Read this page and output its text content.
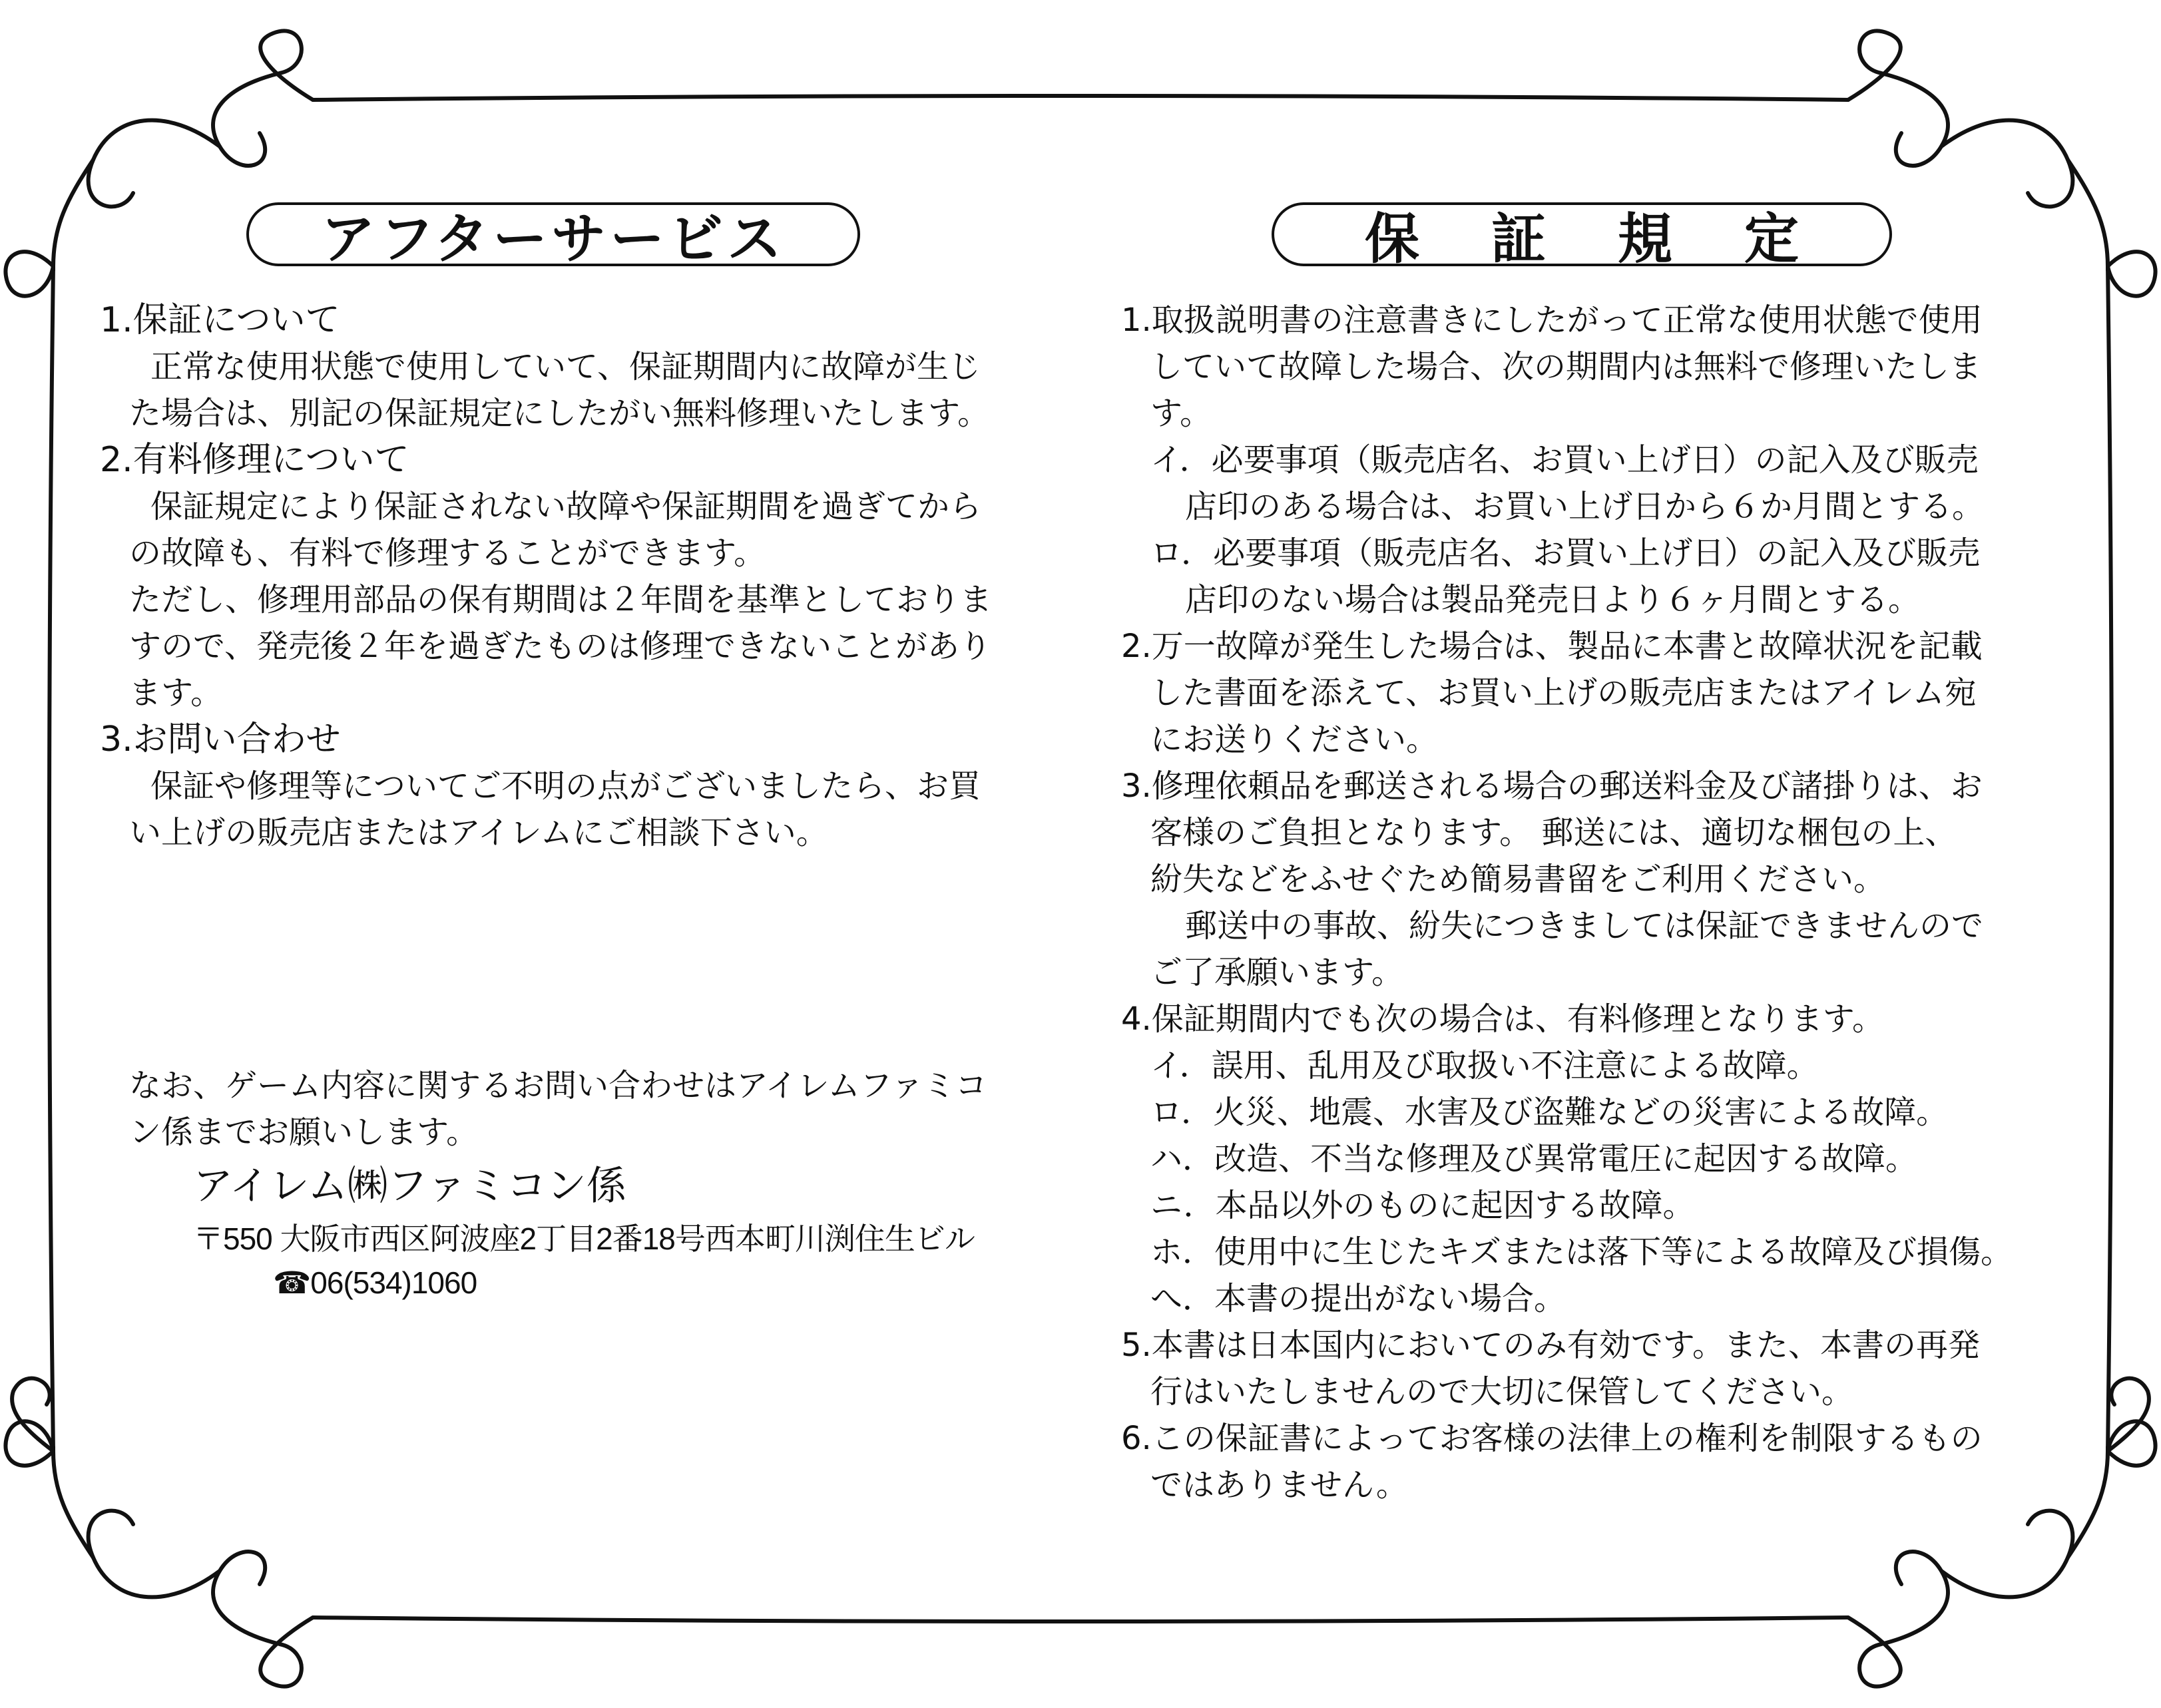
アフターサービス	保証規定
1.保証について
正常な使用状態で使用していて、保証期間内に故障が生じ
た場合は、別記の保証規定にしたがい無料修理いたします。
2.有料修理について
保証規定により保証されない故障や保証期間を過ぎてから
の故障も、有料で修理することができます。
ただし、修理用部品の保有期間は２年間を基準としておりま
すので、発売後２年を過ぎたものは修理できないことがあり
ます。
3.お問い合わせ
保証や修理等についてご不明の点がございましたら、お買
い上げの販売店またはアイレムにご相談下さい。
なお、ゲーム内容に関するお問い合わせはアイレムファミコ
ン係までお願いします。
アイレム㈱ファミコン係
〒550 大阪市西区阿波座2丁目2番18号西本町川渕住生ビル
☎06(534)1060
1.取扱説明書の注意書きにしたがって正常な使用状態で使用
していて故障した場合、次の期間内は無料で修理いたしま
す。
イ．必要事項（販売店名、お買い上げ日）の記入及び販売
店印のある場合は、お買い上げ日から６か月間とする。
ロ．必要事項（販売店名、お買い上げ日）の記入及び販売
店印のない場合は製品発売日より６ヶ月間とする。
2.万一故障が発生した場合は、製品に本書と故障状況を記載
した書面を添えて、お買い上げの販売店またはアイレム宛
にお送りください。
3.修理依頼品を郵送される場合の郵送料金及び諸掛りは、お
客様のご負担となります。 郵送には、適切な梱包の上、
紛失などをふせぐため簡易書留をご利用ください。
郵送中の事故、紛失につきましては保証できませんので
ご了承願います。
4.保証期間内でも次の場合は、有料修理となります。
イ．誤用、乱用及び取扱い不注意による故障。
ロ．火災、地震、水害及び盗難などの災害による故障。
ハ．改造、不当な修理及び異常電圧に起因する故障。
ニ．本品以外のものに起因する故障。
ホ．使用中に生じたキズまたは落下等による故障及び損傷。
へ．本書の提出がない場合。
5.本書は日本国内においてのみ有効です。また、本書の再発
行はいたしませんので大切に保管してください。
6.この保証書によってお客様の法律上の権利を制限するもの
ではありません。
